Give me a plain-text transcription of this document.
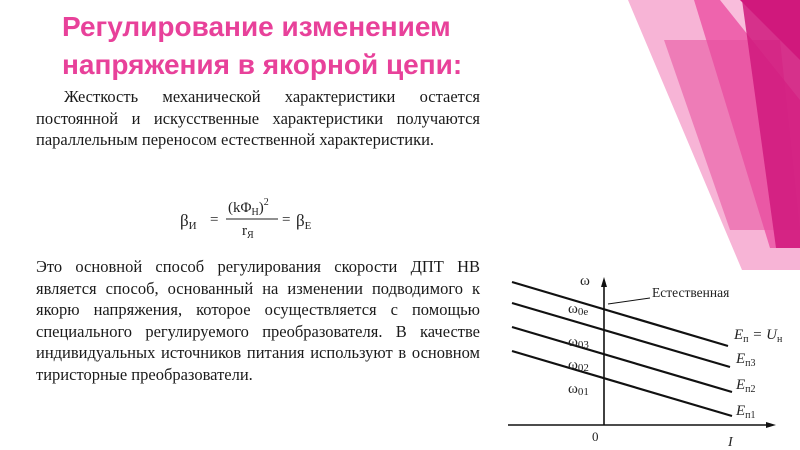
Регулирование изменением напряжения в якорной цепи:

Жесткость механической характеристики остается постоянной и искусственные характеристики получаются параллельным переносом естественной характеристики.

βИ =
$(k\Phi_Н)^2$
$r_Я$
= βЕ

Это основной способ регулирования скорости ДПТ НВ является способ, основанный на изменении подводимого к якорю напряжения, которое осуществляется с помощью специального регулируемого преобразователя. В качестве индивидуальных источников питания используют в основном тиристорные преобразователи.

ω
I
0
Естественная
ω0е
ω03
ω02
ω01
$E_п = U_н$
$E_{п3}$
$E_{п2}$
$E_{п1}$
